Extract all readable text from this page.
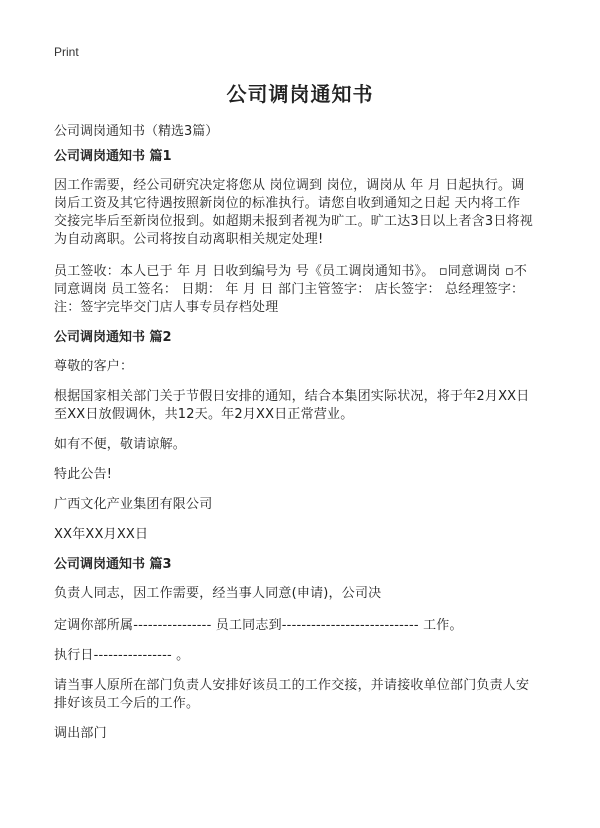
Print
公司调岗通知书
公司调岗通知书（精选3篇）
公司调岗通知书 篇1
因工作需要，经公司研究决定将您从 岗位调到 岗位，调岗从 年 月 日起执行。调
岗后工资及其它待遇按照新岗位的标准执行。请您自收到通知之日起 天内将工作
交接完毕后至新岗位报到。如超期未报到者视为旷工。旷工达3日以上者含3日将视
为自动离职。公司将按自动离职相关规定处理!
员工签收：本人已于 年 月 日收到编号为 号《员工调岗通知书》。 ▫同意调岗 ▫不
同意调岗 员工签名： 日期： 年 月 日 部门主管签字： 店长签字： 总经理签字：
注：签字完毕交门店人事专员存档处理
公司调岗通知书 篇2
尊敬的客户：
根据国家相关部门关于节假日安排的通知，结合本集团实际状况，将于年2月XX日
至XX日放假调休，共12天。年2月XX日正常营业。
如有不便，敬请谅解。
特此公告!
广西文化产业集团有限公司
XX年XX月XX日
公司调岗通知书 篇3
负责人同志，因工作需要，经当事人同意(申请)，公司决
定调你部所属---------------- 员工同志到---------------------------- 工作。
执行日---------------- 。
请当事人原所在部门负责人安排好该员工的工作交接，并请接收单位部门负责人安
排好该员工今后的工作。
调出部门
